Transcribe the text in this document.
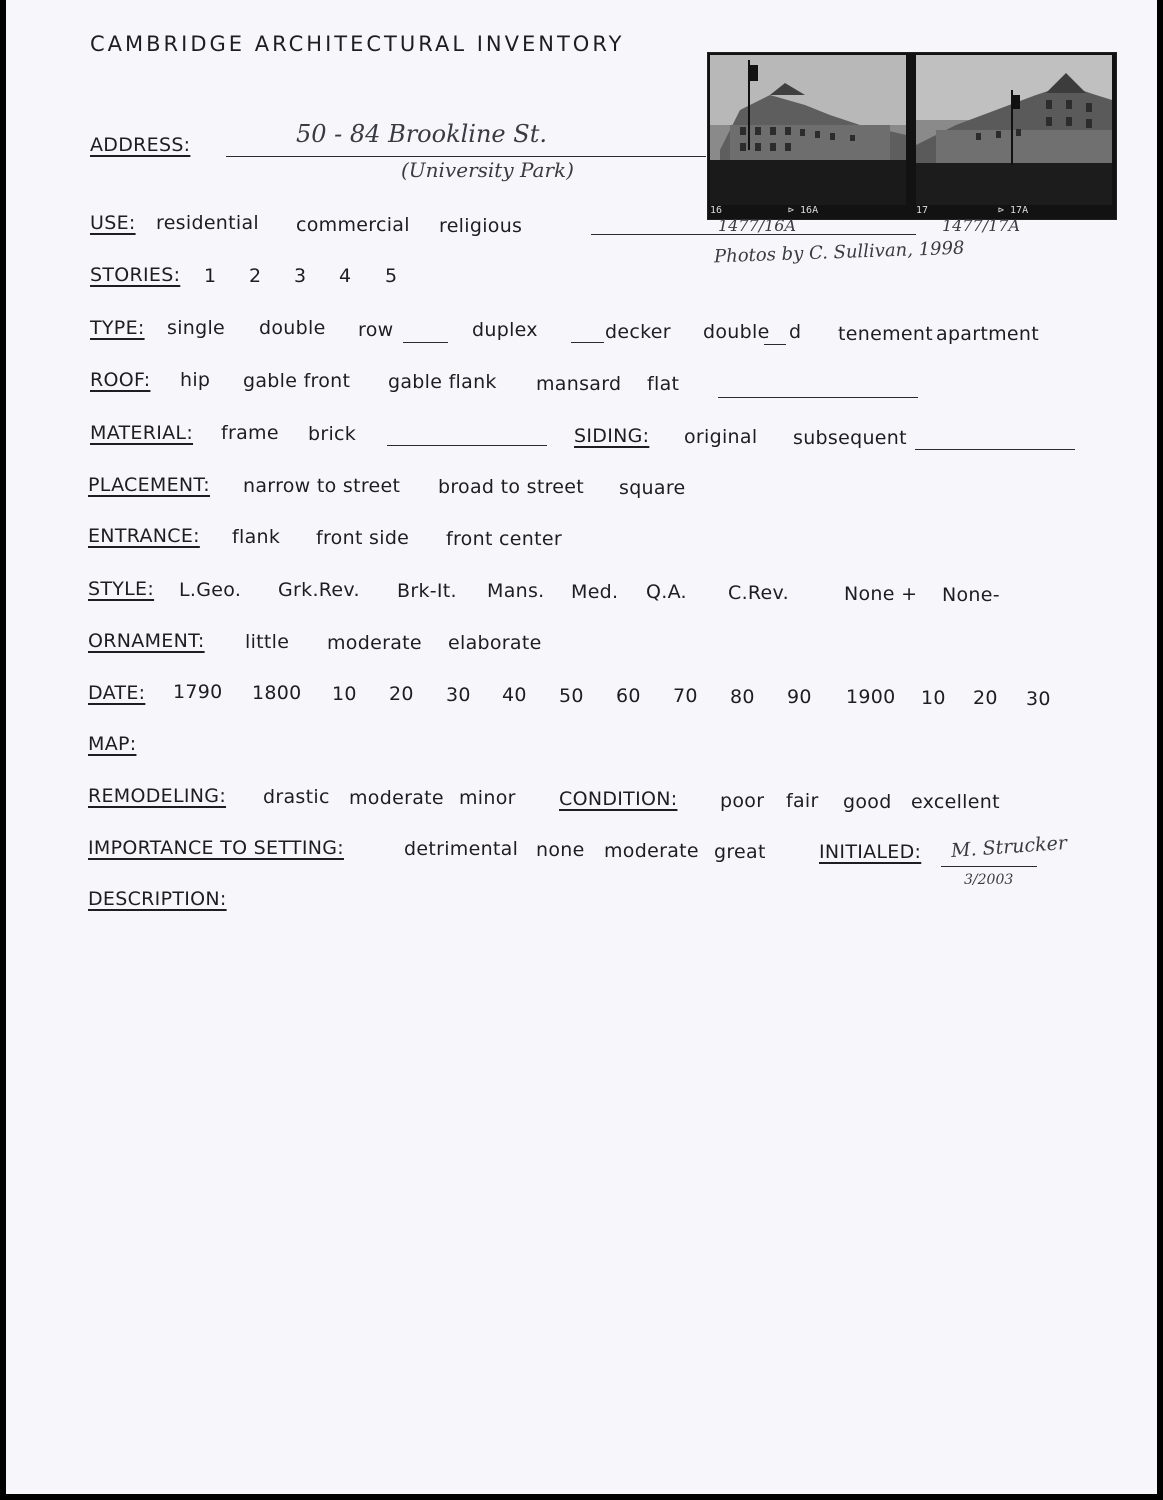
CAMBRIDGE ARCHITECTURAL INVENTORY
16	⊳ 16A	17	⊳ 17A
1477/16A	1477/17A
Photos by C. Sullivan, 1998
ADDRESS:	50 - 84 Brookline St.
(University Park)
USE: residential commercial religious
STORIES: 1 2 3 4 5
TYPE: single double row	duplex	decker double d tenement apartment
ROOF: hip gable front gable flank mansard flat
MATERIAL: frame brick	SIDING: original subsequent
PLACEMENT: narrow to street broad to street square
ENTRANCE: flank front side front center
STYLE: L.Geo. Grk.Rev. Brk-It. Mans. Med. Q.A. C.Rev.	None + None-
ORNAMENT: little moderate elaborate
DATE: 1790 1800 10 20 30 40 50 60 70 80 90 1900 10 20 30
MAP:
REMODELING: drastic moderate minor CONDITION: poor fair good excellent
IMPORTANCE TO SETTING:	detrimental none moderate great	INITIALED: M. Strucker
3/2003
DESCRIPTION:
